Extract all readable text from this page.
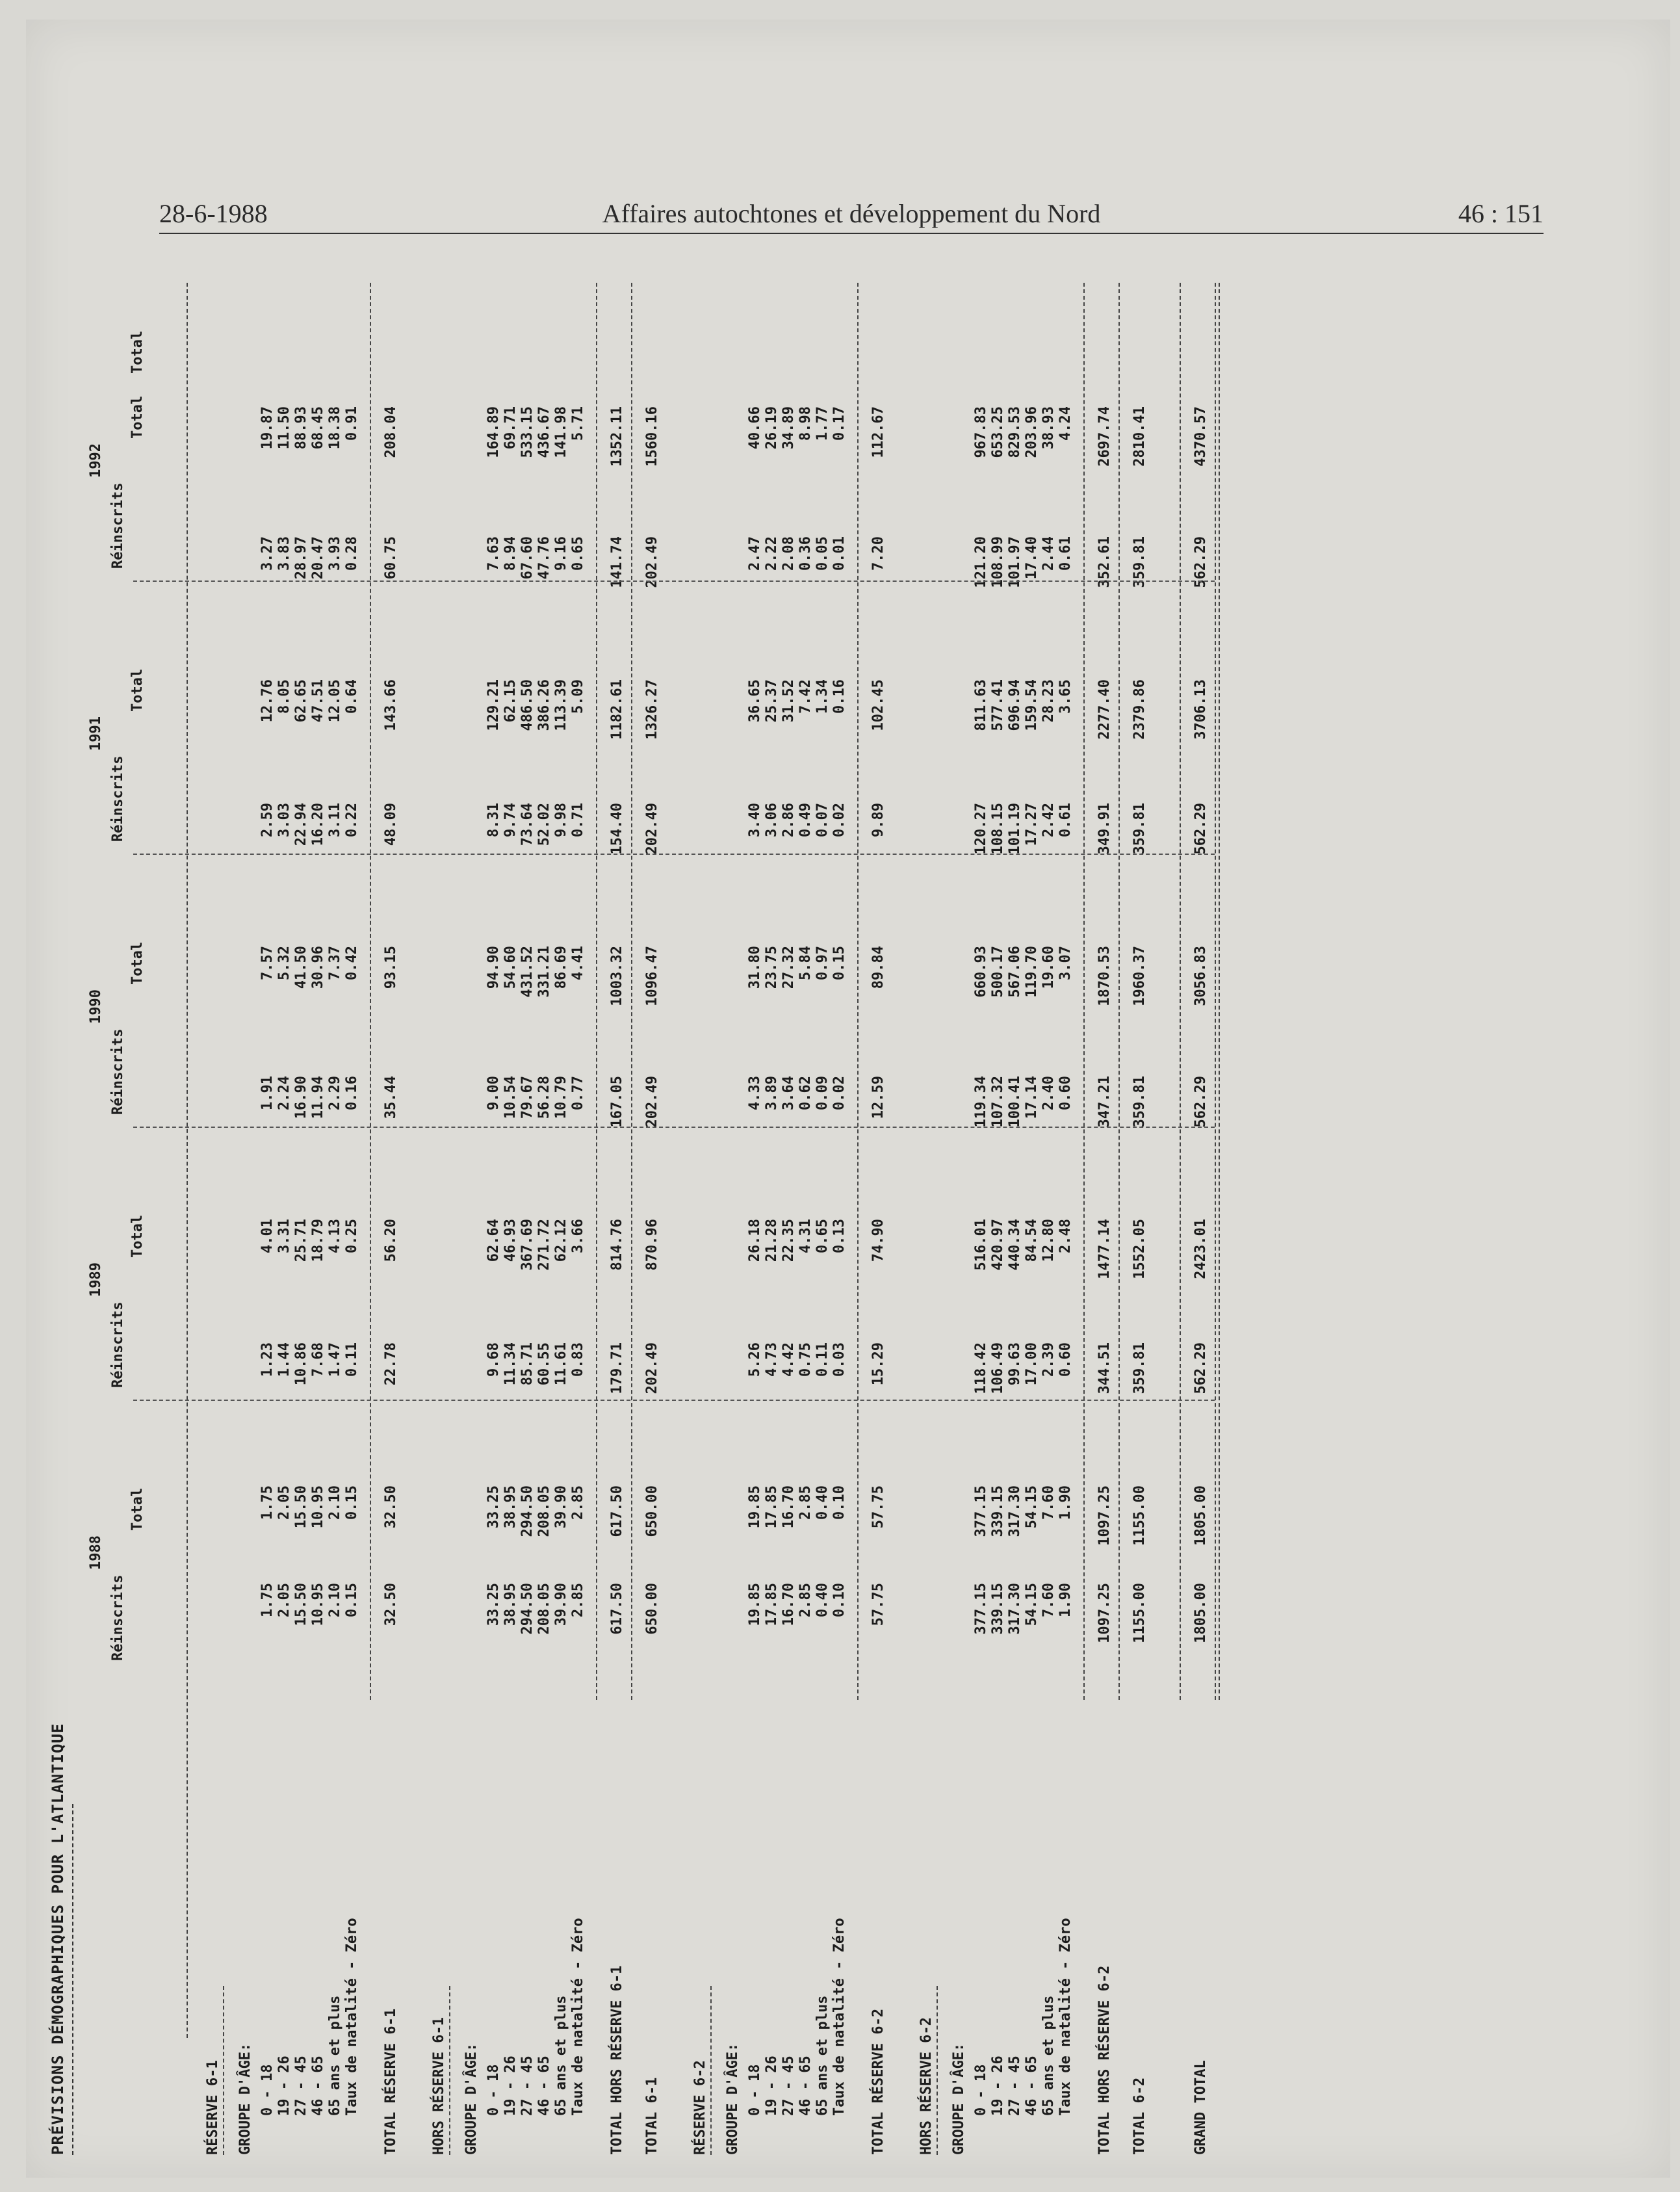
28-6-1988	Affaires autochtones et développement du Nord	46 : 151
PRÉVISIONS DÉMOGRAPHIQUES POUR L'ATLANTIQUE
1988
Réinscrits
Total
1989
Réinscrits
Total
1990
Réinscrits
Total
1991
Réinscrits
Total
1992
Réinscrits
Total
Total
RÉSERVE 6-1 GROUPE D'ÂGE: 0 - 18
1.75
1.75
1.23
4.01
1.91
7.57
2.59
12.76
3.27
19.87
19 - 26
2.05
2.05
1.44
3.31
2.24
5.32
3.03
8.05
3.83
11.50
27 - 45
15.50
15.50
10.86
25.71
16.90
41.50
22.94
62.65
28.97
88.93
46 - 65
10.95
10.95
7.68
18.79
11.94
30.96
16.20
47.51
20.47
68.45
65 ans et plus
2.10
2.10
1.47
4.13
2.29
7.37
3.11
12.05
3.93
18.38
Taux de natalité - Zéro
0.15
0.15
0.11
0.25
0.16
0.42
0.22
0.64
0.28
0.91
TOTAL RÉSERVE 6-1
32.50
32.50
22.78
56.20
35.44
93.15
48.09
143.66
60.75
208.04
HORS RÉSERVE 6-1 GROUPE D'ÂGE: 0 - 18
33.25
33.25
9.68
62.64
9.00
94.90
8.31
129.21
7.63
164.89
19 - 26
38.95
38.95
11.34
46.93
10.54
54.60
9.74
62.15
8.94
69.71
27 - 45
294.50
294.50
85.71
367.69
79.67
431.52
73.64
486.50
67.60
533.15
46 - 65
208.05
208.05
60.55
271.72
56.28
331.21
52.02
386.26
47.76
436.67
65 ans et plus
39.90
39.90
11.61
62.12
10.79
86.69
9.98
113.39
9.16
141.98
Taux de natalité - Zéro
2.85
2.85
0.83
3.66
0.77
4.41
0.71
5.09
0.65
5.71
TOTAL HORS RÉSERVE 6-1
617.50
617.50
179.71
814.76
167.05
1003.32
154.40
1182.61
141.74
1352.11
TOTAL 6-1
650.00
650.00
202.49
870.96
202.49
1096.47
202.49
1326.27
202.49
1560.16
RÉSERVE 6-2 GROUPE D'ÂGE: 0 - 18
19.85
19.85
5.26
26.18
4.33
31.80
3.40
36.65
2.47
40.66
19 - 26
17.85
17.85
4.73
21.28
3.89
23.75
3.06
25.37
2.22
26.19
27 - 45
16.70
16.70
4.42
22.35
3.64
27.32
2.86
31.52
2.08
34.89
46 - 65
2.85
2.85
0.75
4.31
0.62
5.84
0.49
7.42
0.36
8.98
65 ans et plus
0.40
0.40
0.11
0.65
0.09
0.97
0.07
1.34
0.05
1.77
Taux de natalité - Zéro
0.10
0.10
0.03
0.13
0.02
0.15
0.02
0.16
0.01
0.17
TOTAL RÉSERVE 6-2
57.75
57.75
15.29
74.90
12.59
89.84
9.89
102.45
7.20
112.67
HORS RÉSERVE 6-2 GROUPE D'ÂGE: 0 - 18
377.15
377.15
118.42
516.01
119.34
660.93
120.27
811.63
121.20
967.83
19 - 26
339.15
339.15
106.49
420.97
107.32
500.17
108.15
577.41
108.99
653.25
27 - 45
317.30
317.30
99.63
440.34
100.41
567.06
101.19
696.94
101.97
829.53
46 - 65
54.15
54.15
17.00
84.54
17.14
119.70
17.27
159.54
17.40
203.96
65 ans et plus
7.60
7.60
2.39
12.80
2.40
19.60
2.42
28.23
2.44
38.93
Taux de natalité - Zéro
1.90
1.90
0.60
2.48
0.60
3.07
0.61
3.65
0.61
4.24
TOTAL HORS RÉSERVE 6-2
1097.25
1097.25
344.51
1477.14
347.21
1870.53
349.91
2277.40
352.61
2697.74
TOTAL 6-2
1155.00
1155.00
359.81
1552.05
359.81
1960.37
359.81
2379.86
359.81
2810.41
GRAND TOTAL
1805.00
1805.00
562.29
2423.01
562.29
3056.83
562.29
3706.13
562.29
4370.57
